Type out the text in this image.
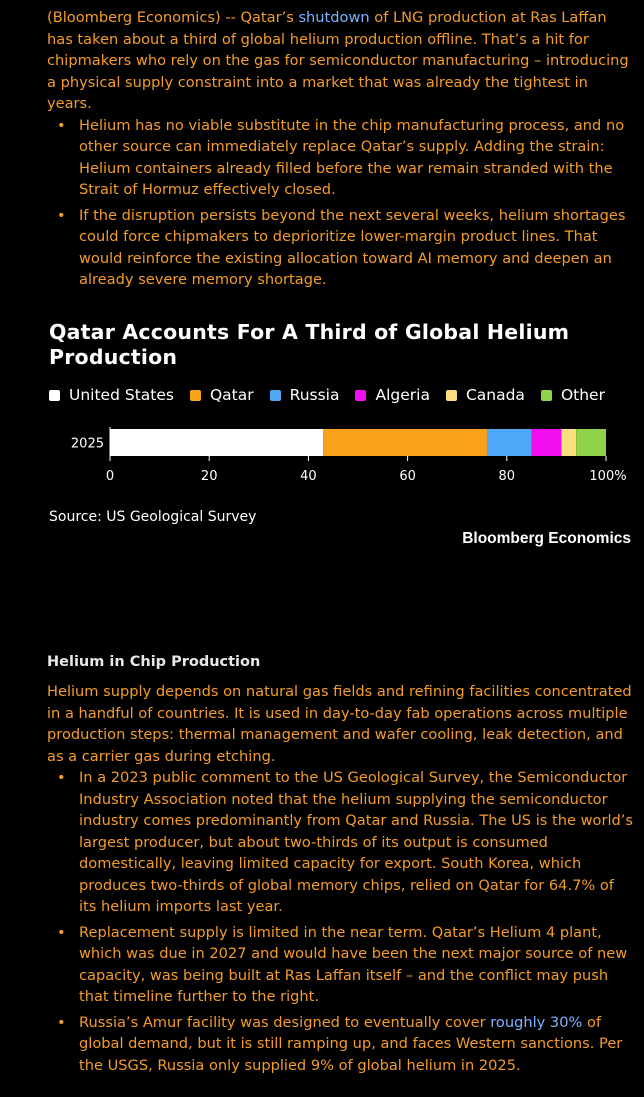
(Bloomberg Economics) -- Qatar’s shutdown of LNG production at Ras Laffan has taken about a third of global helium production offline. That’s a hit for chipmakers who rely on the gas for semiconductor manufacturing – introducing a physical supply constraint into a market that was already the tightest in years.

• Helium has no viable substitute in the chip manufacturing process, and no other source can immediately replace Qatar’s supply. Adding the strain: Helium containers already filled before the war remain stranded with the Strait of Hormuz effectively closed.
• If the disruption persists beyond the next several weeks, helium shortages could force chipmakers to deprioritize lower-margin product lines. That would reinforce the existing allocation toward AI memory and deepen an already severe memory shortage.
Qatar Accounts For A Third of Global Helium Production
United States Qatar Russia Algeria Canada Other
2025
0	20	40	60	80	100%
Source: US Geological Survey
Bloomberg Economics
Helium in Chip Production

Helium supply depends on natural gas fields and refining facilities concentrated in a handful of countries. It is used in day-to-day fab operations across multiple production steps: thermal management and wafer cooling, leak detection, and as a carrier gas during etching.

• In a 2023 public comment to the US Geological Survey, the Semiconductor Industry Association noted that the helium supplying the semiconductor industry comes predominantly from Qatar and Russia. The US is the world’s largest producer, but about two-thirds of its output is consumed domestically, leaving limited capacity for export. South Korea, which produces two-thirds of global memory chips, relied on Qatar for 64.7% of its helium imports last year.
• Replacement supply is limited in the near term. Qatar’s Helium 4 plant, which was due in 2027 and would have been the next major source of new capacity, was being built at Ras Laffan itself – and the conflict may push that timeline further to the right.
• Russia’s Amur facility was designed to eventually cover roughly 30% of global demand, but it is still ramping up, and faces Western sanctions. Per the USGS, Russia only supplied 9% of global helium in 2025.
